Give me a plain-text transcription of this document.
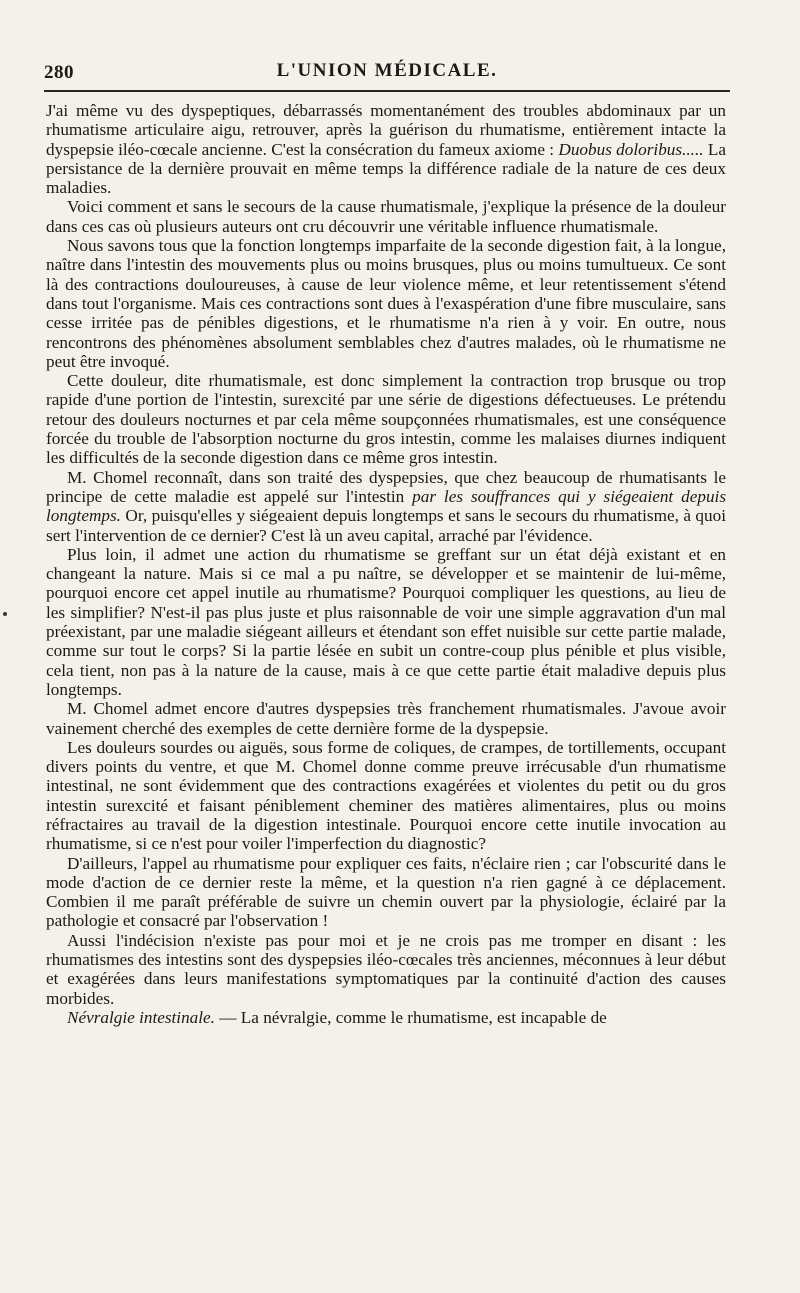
280	L'UNION MÉDICALE.

J'ai même vu des dyspeptiques, débarrassés momentanément des troubles abdominaux par un rhumatisme articulaire aigu, retrouver, après la guérison du rhumatisme, entièrement intacte la dyspepsie iléo-cœcale ancienne. C'est la consécration du fameux axiome : Duobus doloribus..... La persistance de la dernière prouvait en même temps la différence radiale de la nature de ces deux maladies.

Voici comment et sans le secours de la cause rhumatismale, j'explique la présence de la douleur dans ces cas où plusieurs auteurs ont cru découvrir une véritable influence rhumatismale.

Nous savons tous que la fonction longtemps imparfaite de la seconde digestion fait, à la longue, naître dans l'intestin des mouvements plus ou moins brusques, plus ou moins tumultueux. Ce sont là des contractions douloureuses, à cause de leur violence même, et leur retentissement s'étend dans tout l'organisme. Mais ces contractions sont dues à l'exaspération d'une fibre musculaire, sans cesse irritée pas de pénibles digestions, et le rhumatisme n'a rien à y voir. En outre, nous rencontrons des phénomènes absolument semblables chez d'autres malades, où le rhumatisme ne peut être invoqué.

Cette douleur, dite rhumatismale, est donc simplement la contraction trop brusque ou trop rapide d'une portion de l'intestin, surexcité par une série de digestions défectueuses. Le prétendu retour des douleurs nocturnes et par cela même soupçonnées rhumatismales, est une conséquence forcée du trouble de l'absorption nocturne du gros intestin, comme les malaises diurnes indiquent les difficultés de la seconde digestion dans ce même gros intestin.

M. Chomel reconnaît, dans son traité des dyspepsies, que chez beaucoup de rhumatisants le principe de cette maladie est appelé sur l'intestin par les souffrances qui y siégeaient depuis longtemps. Or, puisqu'elles y siégeaient depuis longtemps et sans le secours du rhumatisme, à quoi sert l'intervention de ce dernier? C'est là un aveu capital, arraché par l'évidence.

Plus loin, il admet une action du rhumatisme se greffant sur un état déjà existant et en changeant la nature. Mais si ce mal a pu naître, se développer et se maintenir de lui-même, pourquoi encore cet appel inutile au rhumatisme? Pourquoi compliquer les questions, au lieu de les simplifier? N'est-il pas plus juste et plus raisonnable de voir une simple aggravation d'un mal préexistant, par une maladie siégeant ailleurs et étendant son effet nuisible sur cette partie malade, comme sur tout le corps? Si la partie lésée en subit un contre-coup plus pénible et plus visible, cela tient, non pas à la nature de la cause, mais à ce que cette partie était maladive depuis plus longtemps.

M. Chomel admet encore d'autres dyspepsies très franchement rhumatismales. J'avoue avoir vainement cherché des exemples de cette dernière forme de la dyspepsie.

Les douleurs sourdes ou aiguës, sous forme de coliques, de crampes, de tortillements, occupant divers points du ventre, et que M. Chomel donne comme preuve irrécusable d'un rhumatisme intestinal, ne sont évidemment que des contractions exagérées et violentes du petit ou du gros intestin surexcité et faisant péniblement cheminer des matières alimentaires, plus ou moins réfractaires au travail de la digestion intestinale. Pourquoi encore cette inutile invocation au rhumatisme, si ce n'est pour voiler l'imperfection du diagnostic?

D'ailleurs, l'appel au rhumatisme pour expliquer ces faits, n'éclaire rien ; car l'obscurité dans le mode d'action de ce dernier reste la même, et la question n'a rien gagné à ce déplacement. Combien il me paraît préférable de suivre un chemin ouvert par la physiologie, éclairé par la pathologie et consacré par l'observation !

Aussi l'indécision n'existe pas pour moi et je ne crois pas me tromper en disant : les rhumatismes des intestins sont des dyspepsies iléo-cœcales très anciennes, méconnues à leur début et exagérées dans leurs manifestations symptomatiques par la continuité d'action des causes morbides.

Névralgie intestinale. — La névralgie, comme le rhumatisme, est incapable de
